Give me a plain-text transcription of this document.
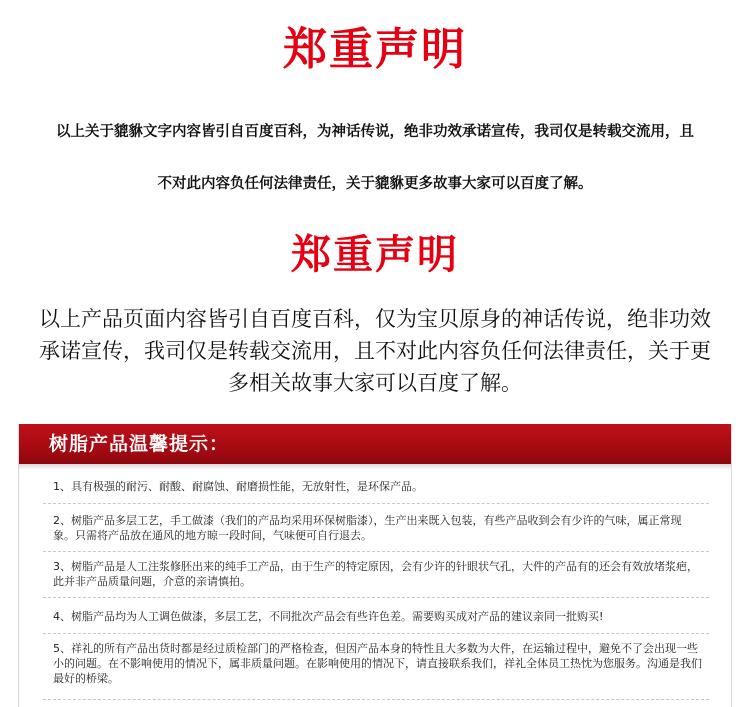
郑重声明
以上关于貔貅文字内容皆引自百度百科，为神话传说，绝非功效承诺宣传，我司仅是转载交流用，且
不对此内容负任何法律责任，关于貔貅更多故事大家可以百度了解。
郑重声明
以上产品页面内容皆引自百度百科，仅为宝贝原身的神话传说，绝非功效
承诺宣传，我司仅是转载交流用，且不对此内容负任何法律责任，关于更
多相关故事大家可以百度了解。
树脂产品温馨提示：
1、具有极强的耐污、耐酸、耐腐蚀、耐磨损性能，无放射性，是环保产品。
2、树脂产品多层工艺，手工做漆（我们的产品均采用环保树脂漆），生产出来既入包装，有些产品收到会有少许的气味，属正常现象。只需将产品放在通风的地方晾一段时间，气味便可自行退去。
3、树脂产品是人工注浆修胚出来的纯手工产品，由于生产的特定原因，会有少许的针眼状气孔，大件的产品有的还会有效放堵浆疤，此并非产品质量问题，介意的亲请慎拍。
4、树脂产品均为人工调色做漆，多层工艺，不同批次产品会有些许色差。需要购买成对产品的建议亲同一批购买!
5、祥礼的所有产品出货时都是经过质检部门的严格检查，但因产品本身的特性且大多数为大件，在运输过程中，避免不了会出现一些小的问题。在不影响使用的情况下，属非质量问题。在影响使用的情况下，请直接联系我们，祥礼全体员工热忱为您服务。沟通是我们最好的桥梁。
